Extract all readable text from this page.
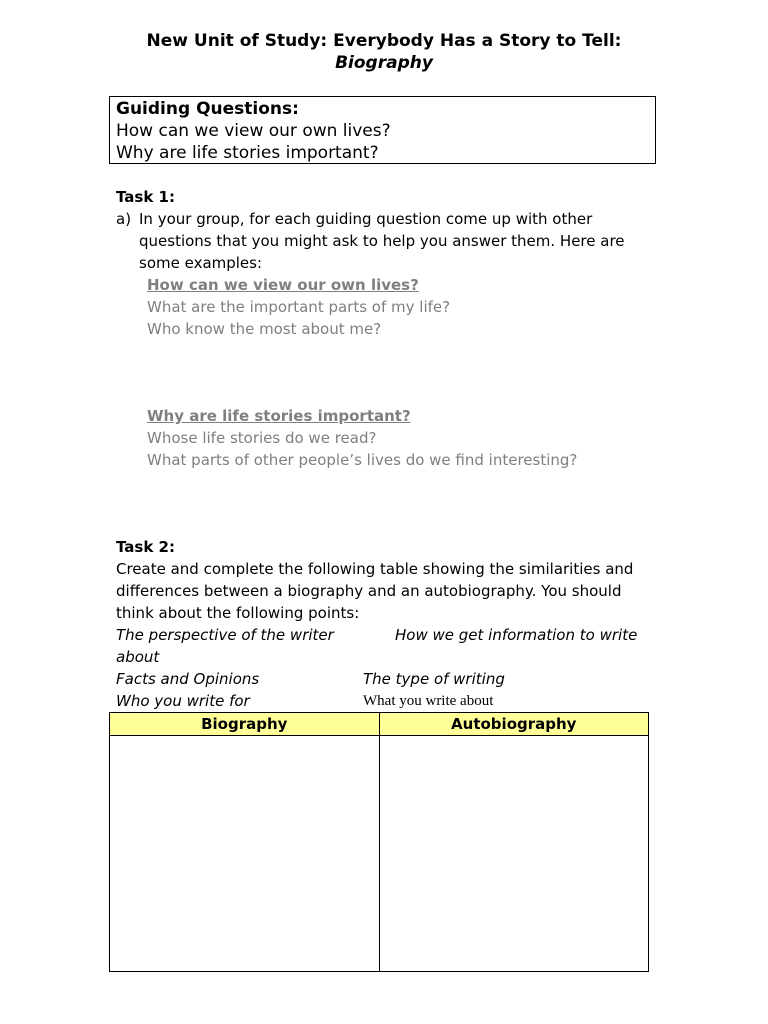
New Unit of Study: Everybody Has a Story to Tell:
Biography
Guiding Questions:
How can we view our own lives?
Why are life stories important?
Task 1:
a) In your group, for each guiding question come up with other
questions that you might ask to help you answer them. Here are
some examples:
How can we view our own lives?
What are the important parts of my life?
Who know the most about me?
Why are life stories important?
Whose life stories do we read?
What parts of other people’s lives do we find interesting?
Task 2:
Create and complete the following table showing the similarities and
differences between a biography and an autobiography. You should
think about the following points:
The perspective of the writer	How we get information to write
about
Facts and Opinions	The type of writing
Who you write for	What you write about
Biography	Autobiography
